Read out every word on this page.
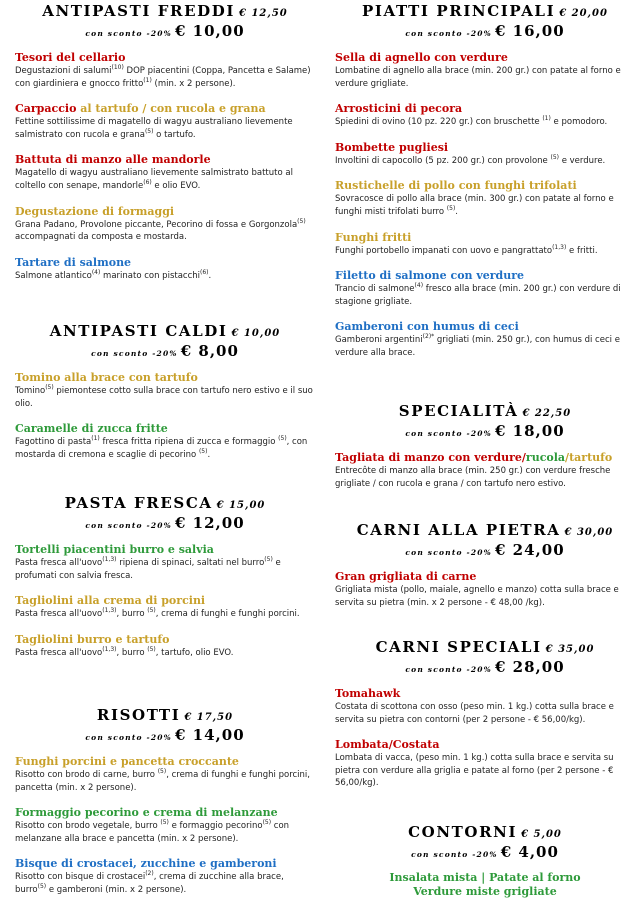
ANTIPASTI FREDDI € 12,50
con sconto -20% € 10,00
Tesori del cellario
Degustazioni di salumi$^{(10)}$ DOP piacentini (Coppa, Pancetta e Salame) con giardiniera e gnocco fritto$^{(1)}$ (min. x 2 persone).
Carpaccio al tartufo / con rucola e grana
Fettine sottilissime di magatello di wagyu australiano lievemente salmistrato con rucola e grana$^{(5)}$ o tartufo.
Battuta di manzo alle mandorle
Magatello di wagyu australiano lievemente salmistrato battuto al coltello con senape, mandorle$^{(6)}$ e olio EVO.
Degustazione di formaggi
Grana Padano, Provolone piccante, Pecorino di fossa e Gorgonzola$^{(5)}$ accompagnati da composta e mostarda.
Tartare di salmone
Salmone atlantico$^{(4)}$ marinato con pistacchi$^{(6)}$.
ANTIPASTI CALDI € 10,00
con sconto -20% € 8,00
Tomino alla brace con tartufo
Tomino$^{(5)}$ piemontese cotto sulla brace con tartufo nero estivo e il suo olio.
Caramelle di zucca fritte
Fagottino di pasta$^{(1)}$ fresca fritta ripiena di zucca e formaggio $^{(5)}$, con mostarda di cremona e scaglie di pecorino $^{(5)}$.
PASTA FRESCA € 15,00
con sconto -20% € 12,00
Tortelli piacentini burro e salvia
Pasta fresca all'uovo$^{(1,3)}$ ripiena di spinaci, saltati nel burro$^{(5)}$ e profumati con salvia fresca.
Tagliolini alla crema di porcini
Pasta fresca all'uovo$^{(1,3)}$, burro $^{(5)}$, crema di funghi e funghi porcini.
Tagliolini burro e tartufo
Pasta fresca all'uovo$^{(1,3)}$, burro $^{(5)}$, tartufo, olio EVO.
RISOTTI € 17,50
con sconto -20% € 14,00
Funghi porcini e pancetta croccante
Risotto con brodo di carne, burro $^{(5)}$, crema di funghi e funghi porcini, pancetta (min. x 2 persone).
Formaggio pecorino e crema di melanzane
Risotto con brodo vegetale, burro $^{(5)}$ e formaggio pecorino$^{(5)}$ con melanzane alla brace e pancetta (min. x 2 persone).
Bisque di crostacei, zucchine e gamberoni
Risotto con bisque di crostacei$^{(2)}$, crema di zucchine alla brace, burro$^{(5)}$ e gamberoni (min. x 2 persone).
PIATTI PRINCIPALI € 20,00
con sconto -20% € 16,00
Sella di agnello con verdure
Lombatine di agnello alla brace (min. 200 gr.) con patate al forno e verdure grigliate.
Arrosticini di pecora
Spiedini di ovino (10 pz. 220 gr.) con bruschette $^{(1)}$ e pomodoro.
Bombette pugliesi
Involtini di capocollo (5 pz. 200 gr.) con provolone $^{(5)}$ e verdure.
Rustichelle di pollo con funghi trifolati
Sovracosce di pollo alla brace (min. 300 gr.) con patate al forno e funghi misti trifolati burro $^{(5)}$.
Funghi fritti
Funghi portobello impanati con uovo e pangrattato$^{(1,3)}$ e fritti.
Filetto di salmone con verdure
Trancio di salmone$^{(4)}$ fresco alla brace (min. 200 gr.) con verdure di stagione grigliate.
Gamberoni con humus di ceci
Gamberoni argentini$^{(2)*}$ grigliati (min. 250 gr.), con humus di ceci e verdure alla brace.
SPECIALITÀ € 22,50
con sconto -20% € 18,00
Tagliata di manzo con verdure/rucola/tartufo
Entrecôte di manzo alla brace (min. 250 gr.) con verdure fresche grigliate / con rucola e grana / con tartufo nero estivo.
CARNI ALLA PIETRA € 30,00
con sconto -20% € 24,00
Gran grigliata di carne
Grigliata mista (pollo, maiale, agnello e manzo) cotta sulla brace e servita su pietra (min. x 2 persone - € 48,00 /kg).
CARNI SPECIALI € 35,00
con sconto -20% € 28,00
Tomahawk
Costata di scottona con osso (peso min. 1 kg.) cotta sulla brace e servita su pietra con contorni (per 2 persone - € 56,00/kg).
Lombata/Costata
Lombata di vacca, (peso min. 1 kg.) cotta sulla brace e servita su pietra con verdure alla griglia e patate al forno (per 2 persone - € 56,00/kg).
CONTORNI € 5,00
con sconto -20% € 4,00
Insalata mista | Patate al forno
Verdure miste grigliate
